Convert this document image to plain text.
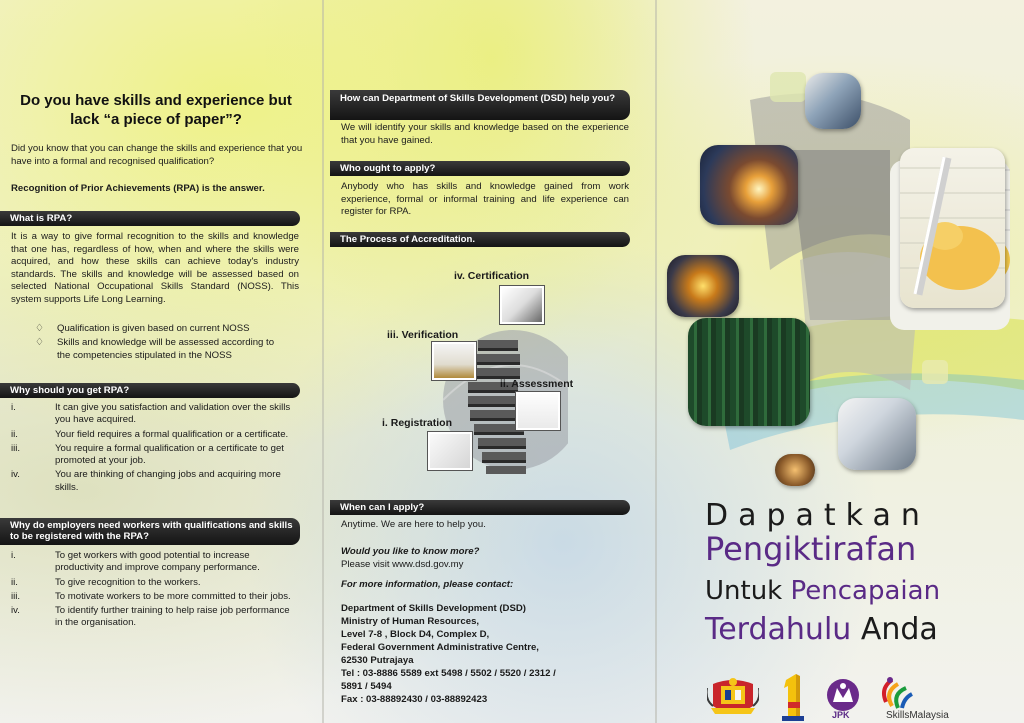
Do you have skills and experience but lack “a piece of paper”?
Did you know that you can change the skills and experience that you have into a formal and recognised qualification?
Recognition of Prior Achievements (RPA) is the answer.
What is RPA?
It is a way to give formal recognition to the skills and knowledge that one has, regardless of how, when and where the skills were acquired, and how these skills can achieve today's industry standards. The skills and knowledge will be assessed based on selected National Occupational Skills Standard (NOSS). This system supports Life Long Learning.
♢ Qualification is given based on current NOSS
♢ Skills and knowledge will be assessed according to the competencies stipulated in the NOSS
Why should you get RPA?
i.	It can give you satisfaction and validation over the skills you have acquired.
ii.	Your field requires a formal qualification or a certificate.
iii.	You require a formal qualification or a certificate to get promoted at your job.
iv.	You are thinking of changing jobs and acquiring more skills.
Why do employers need workers with qualifications and skills to be registered with the RPA?
i.	To get workers with good potential to increase productivity and improve company performance.
ii.	To give recognition to the workers.
iii.	To motivate workers to be more committed to their jobs.
iv.	To identify further training to help raise job performance in the organisation.
How can Department of Skills Development (DSD) help you?
We will identify your skills and knowledge based on the experience that you have gained.
Who ought to apply?
Anybody who has skills and knowledge gained from work experience, formal or informal training and life experience can register for RPA.
The Process of Accreditation.
iv. Certification
iii. Verification
ii. Assessment
i. Registration
When can I apply?
Anytime. We are here to help you.
Would you like to know more?
Please visit www.dsd.gov.my
For more information, please contact:
Department of Skills Development (DSD)
Ministry of Human Resources,
Level 7-8 , Block D4, Complex D,
Federal Government Administrative Centre,
62530 Putrajaya
Tel : 03-8886 5589 ext 5498 / 5502 / 5520 / 2312 /
5891 / 5494
Fax : 03-88892430 / 03-88892423
Dapatkan
Pengiktirafan
Untuk Pencapaian
Terdahulu Anda
JPK	SkillsMalaysia
